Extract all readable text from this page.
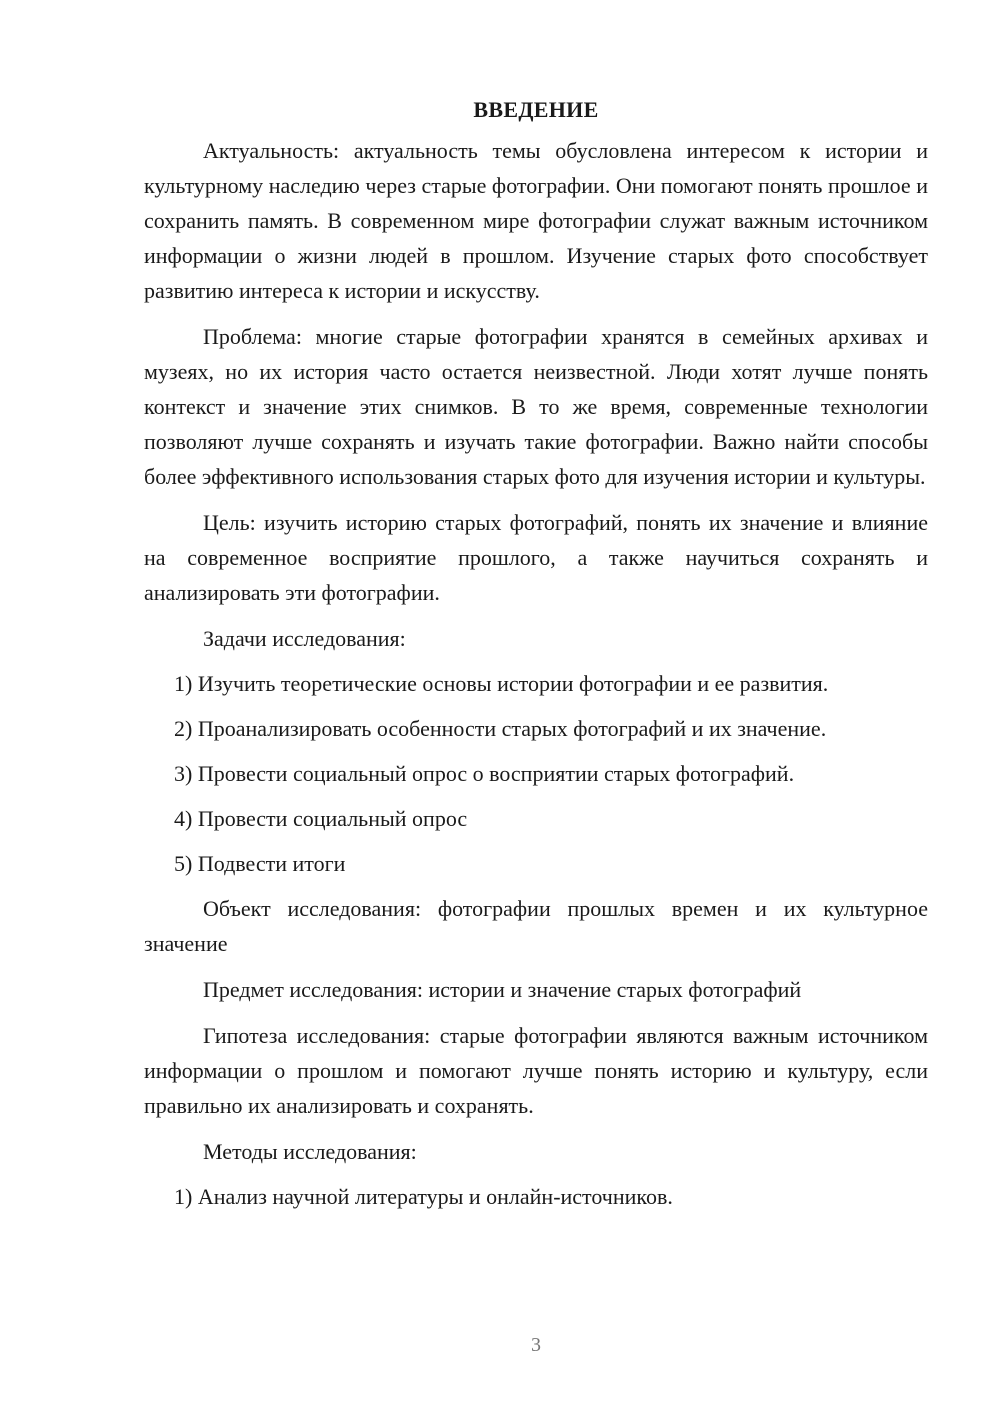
ВВЕДЕНИЕ

Актуальность: актуальность темы обусловлена интересом к истории и культурному наследию через старые фотографии. Они помогают понять прошлое и сохранить память. В современном мире фотографии служат важным источником информации о жизни людей в прошлом. Изучение старых фото способствует развитию интереса к истории и искусству.

Проблема: многие старые фотографии хранятся в семейных архивах и музеях, но их история часто остается неизвестной. Люди хотят лучше понять контекст и значение этих снимков. В то же время, современные технологии позволяют лучше сохранять и изучать такие фотографии. Важно найти способы более эффективного использования старых фото для изучения истории и культуры.

Цель: изучить историю старых фотографий, понять их значение и влияние на современное восприятие прошлого, а также научиться сохранять и анализировать эти фотографии.

Задачи исследования:

1) Изучить теоретические основы истории фотографии и ее развития.

2) Проанализировать особенности старых фотографий и их значение.

3) Провести социальный опрос о восприятии старых фотографий.

4) Провести социальный опрос

5) Подвести итоги

Объект исследования: фотографии прошлых времен и их культурное значение

Предмет исследования: истории и значение старых фотографий

Гипотеза исследования: старые фотографии являются важным источником информации о прошлом и помогают лучше понять историю и культуру, если правильно их анализировать и сохранять.

Методы исследования:

1) Анализ научной литературы и онлайн-источников.

3
